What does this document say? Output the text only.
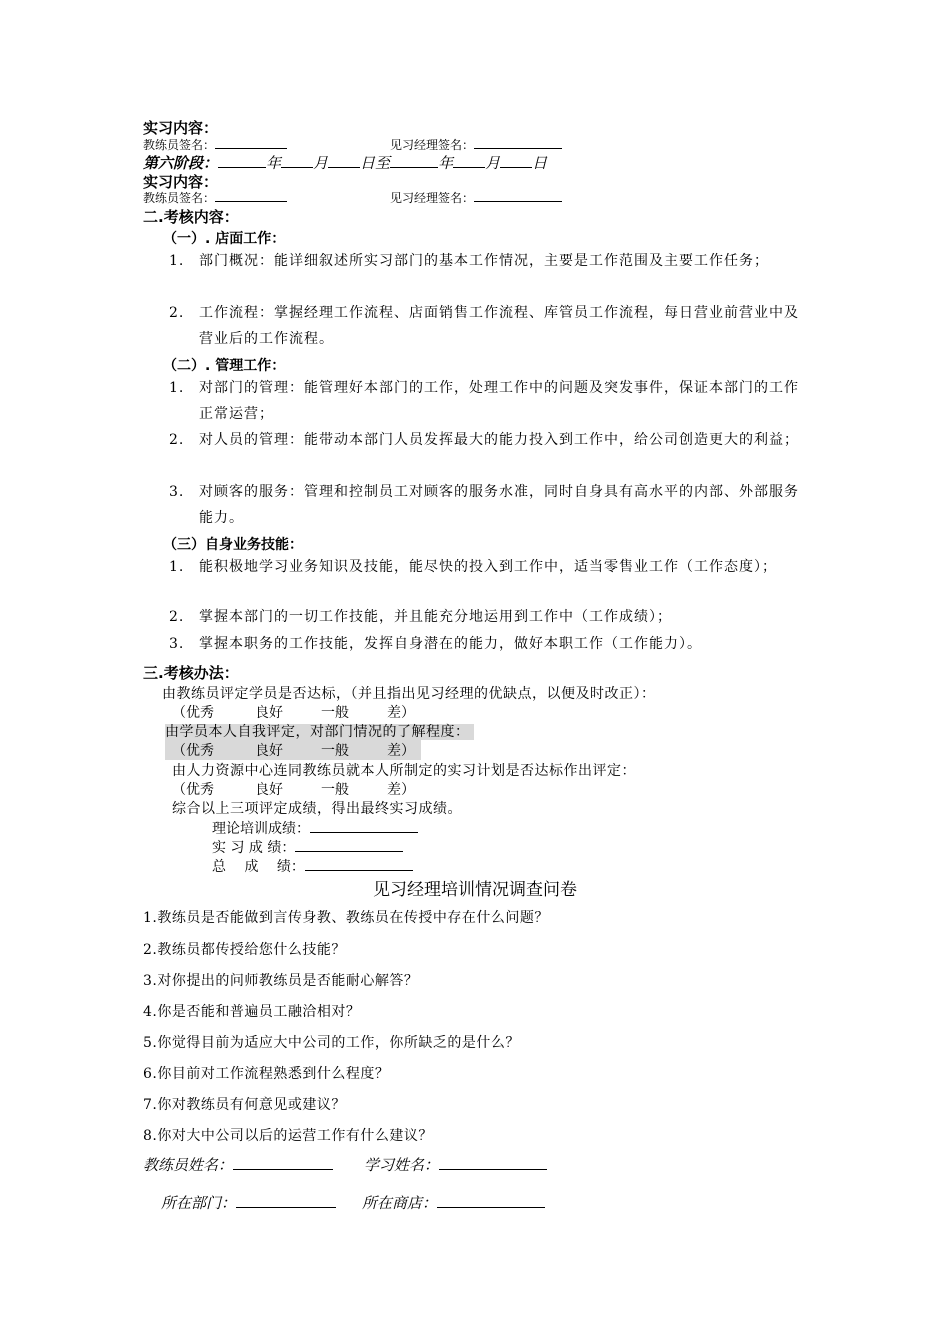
实习内容：
教练员签名：	见习经理签名：
第六阶段：	年 月 日至	年 月 日
实习内容：
教练员签名：	见习经理签名：
二.考核内容：
（一）. 店面工作：
1. 部门概况：能详细叙述所实习部门的基本工作情况，主要是工作范围及主要工作任务；
2. 工作流程：掌握经理工作流程、店面销售工作流程、库管员工作流程，每日营业前营业中及营业后的工作流程。
（二）. 管理工作：
1. 对部门的管理：能管理好本部门的工作，处理工作中的问题及突发事件，保证本部门的工作正常运营；
2. 对人员的管理：能带动本部门人员发挥最大的能力投入到工作中，给公司创造更大的利益；
3. 对顾客的服务：管理和控制员工对顾客的服务水准，同时自身具有高水平的内部、外部服务能力。
（三）自身业务技能：
1. 能积极地学习业务知识及技能，能尽快的投入到工作中，适当零售业工作（工作态度）；
2. 掌握本部门的一切工作技能，并且能充分地运用到工作中（工作成绩）；
3. 掌握本职务的工作技能，发挥自身潜在的能力，做好本职工作（工作能力）。
三.考核办法：
由教练员评定学员是否达标，（并且指出见习经理的优缺点，以便及时改正）：
（优秀	良好	一般	差）
由学员本人自我评定，对部门情况的了解程度：
（优秀	良好	一般	差）
由人力资源中心连同教练员就本人所制定的实习计划是否达标作出评定：
（优秀	良好	一般	差）
综合以上三项评定成绩，得出最终实习成绩。
理论培训成绩：
实 习 成 绩：
总　 成　 绩：
见习经理培训情况调查问卷
1.教练员是否能做到言传身教、教练员在传授中存在什么问题？
2.教练员都传授给您什么技能？
3.对你提出的问师教练员是否能耐心解答？
4.你是否能和普遍员工融洽相对？
5.你觉得目前为适应大中公司的工作，你所缺乏的是什么？
6.你目前对工作流程熟悉到什么程度？
7.你对教练员有何意见或建议？
8.你对大中公司以后的运营工作有什么建议？
教练员姓名：	学习姓名：
所在部门：	所在商店：
